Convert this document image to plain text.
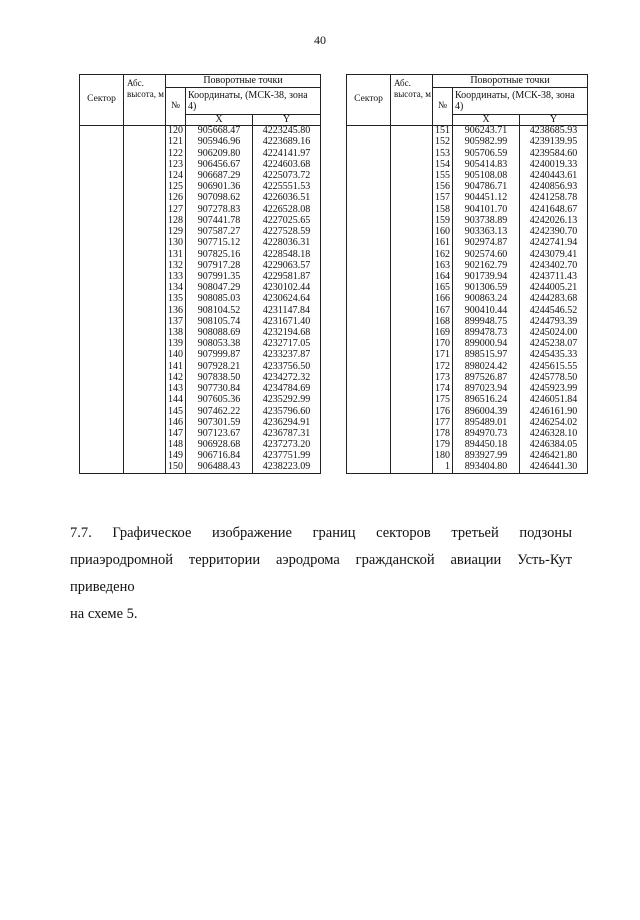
40
Сектор	Абс. высота, м	Поворотные точки		
		№	Координаты, (МСК-38, зона 4)	
			X	Y
		120	905668.47	4223245.80
		121	905946.96	4223689.16
		122	906209.80	4224141.97
		123	906456.67	4224603.68
		124	906687.29	4225073.72
		125	906901.36	4225551.53
		126	907098.62	4226036.51
		127	907278.83	4226528.08
		128	907441.78	4227025.65
		129	907587.27	4227528.59
		130	907715.12	4228036.31
		131	907825.16	4228548.18
		132	907917.28	4229063.57
		133	907991.35	4229581.87
		134	908047.29	4230102.44
		135	908085.03	4230624.64
		136	908104.52	4231147.84
		137	908105.74	4231671.40
		138	908088.69	4232194.68
		139	908053.38	4232717.05
		140	907999.87	4233237.87
		141	907928.21	4233756.50
		142	907838.50	4234272.32
		143	907730.84	4234784.69
		144	907605.36	4235292.99
		145	907462.22	4235796.60
		146	907301.59	4236294.91
		147	907123.67	4236787.31
		148	906928.68	4237273.20
		149	906716.84	4237751.99
		150	906488.43	4238223.09
Сектор	Абс. высота, м	Поворотные точки		
		№	Координаты, (МСК-38, зона 4)	
			X	Y
		151	906243.71	4238685.93
		152	905982.99	4239139.95
		153	905706.59	4239584.60
		154	905414.83	4240019.33
		155	905108.08	4240443.61
		156	904786.71	4240856.93
		157	904451.12	4241258.78
		158	904101.70	4241648.67
		159	903738.89	4242026.13
		160	903363.13	4242390.70
		161	902974.87	4242741.94
		162	902574.60	4243079.41
		163	902162.79	4243402.70
		164	901739.94	4243711.43
		165	901306.59	4244005.21
		166	900863.24	4244283.68
		167	900410.44	4244546.52
		168	899948.75	4244793.39
		169	899478.73	4245024.00
		170	899000.94	4245238.07
		171	898515.97	4245435.33
		172	898024.42	4245615.55
		173	897526.87	4245778.50
		174	897023.94	4245923.99
		175	896516.24	4246051.84
		176	896004.39	4246161.90
		177	895489.01	4246254.02
		178	894970.73	4246328.10
		179	894450.18	4246384.05
		180	893927.99	4246421.80
		1	893404.80	4246441.30
7.7. Графическое изображение границ секторов третьей подзоны
приаэродромной территории аэродрома гражданской авиации Усть-Кут приведено
на схеме 5.
